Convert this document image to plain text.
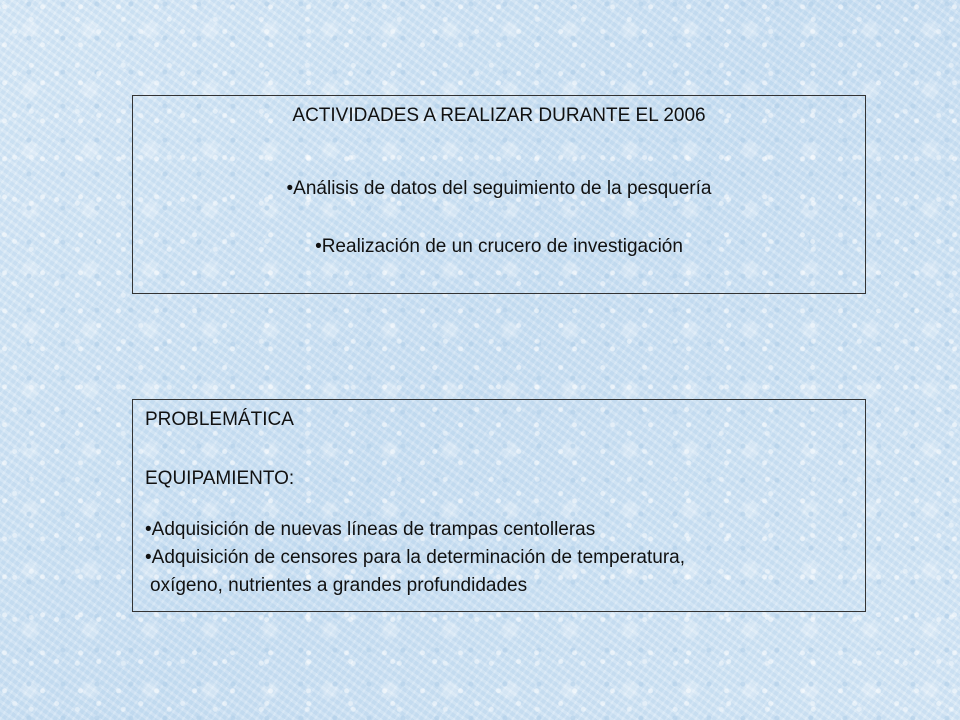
ACTIVIDADES A REALIZAR DURANTE EL 2006
•Análisis de datos del seguimiento de la pesquería
•Realización de un crucero de investigación
PROBLEMÁTICA
EQUIPAMIENTO:
•Adquisición de nuevas líneas de trampas centolleras
•Adquisición de censores para la determinación de temperatura,
oxígeno, nutrientes a grandes profundidades
